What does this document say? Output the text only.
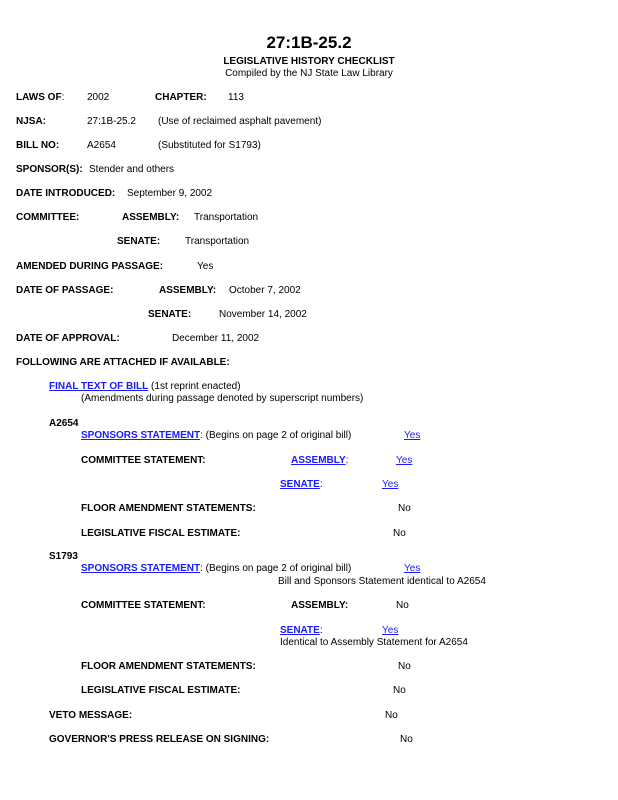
27:1B-25.2
LEGISLATIVE HISTORY CHECKLIST
Compiled by the NJ State Law Library
LAWS OF: 2002	CHAPTER: 113
NJSA:	27:1B-25.2 (Use of reclaimed asphalt pavement)
BILL NO:	A2654	(Substituted for S1793)
SPONSOR(S): Stender and others
DATE INTRODUCED: September 9, 2002
COMMITTEE:	ASSEMBLY: Transportation
SENATE: Transportation
AMENDED DURING PASSAGE:	Yes
DATE OF PASSAGE:	ASSEMBLY: October 7, 2002
SENATE:	November 14, 2002
DATE OF APPROVAL:	December 11, 2002
FOLLOWING ARE ATTACHED IF AVAILABLE:
FINAL TEXT OF BILL (1st reprint enacted)
(Amendments during passage denoted by superscript numbers)
A2654
SPONSORS STATEMENT: (Begins on page 2 of original bill)	Yes
COMMITTEE STATEMENT:	ASSEMBLY:	Yes
SENATE:	Yes
FLOOR AMENDMENT STATEMENTS:	No
LEGISLATIVE FISCAL ESTIMATE:	No
S1793
SPONSORS STATEMENT: (Begins on page 2 of original bill)	Yes
Bill and Sponsors Statement identical to A2654
COMMITTEE STATEMENT:	ASSEMBLY:	No
SENATE:	Yes
Identical to Assembly Statement for A2654
FLOOR AMENDMENT STATEMENTS:	No
LEGISLATIVE FISCAL ESTIMATE:	No
VETO MESSAGE:	No
GOVERNOR'S PRESS RELEASE ON SIGNING:	No
